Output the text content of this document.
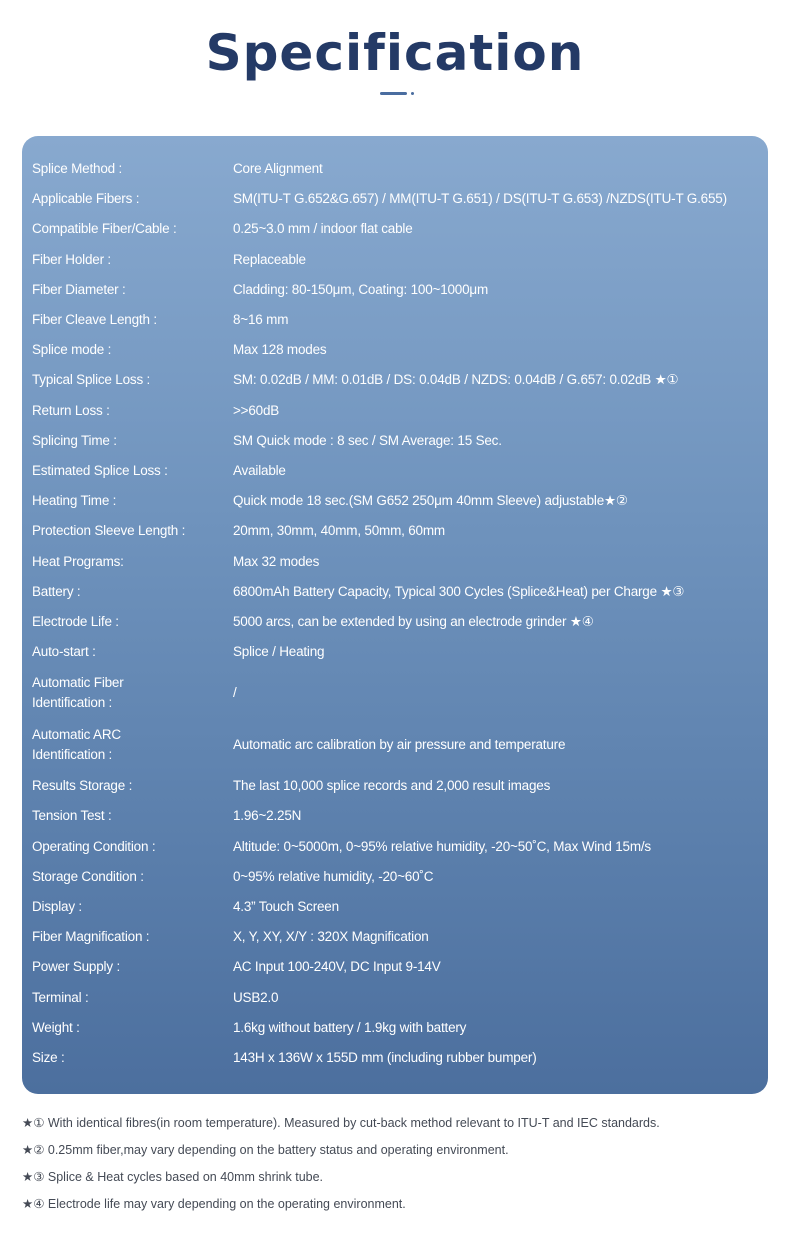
Specification
Splice Method :	Core Alignment
Applicable Fibers :	SM(ITU-T G.652&G.657) / MM(ITU-T G.651) / DS(ITU-T G.653) /NZDS(ITU-T G.655)
Compatible Fiber/Cable :	0.25~3.0 mm / indoor flat cable
Fiber Holder :	Replaceable
Fiber Diameter :	Cladding: 80-150μm, Coating: 100~1000μm
Fiber Cleave Length :	8~16 mm
Splice mode :	Max 128 modes
Typical Splice Loss :	SM: 0.02dB / MM: 0.01dB / DS: 0.04dB / NZDS: 0.04dB / G.657: 0.02dB ★①
Return Loss :	>>60dB
Splicing Time :	SM Quick mode : 8 sec / SM Average: 15 Sec.
Estimated Splice Loss :	Available
Heating Time :	Quick mode 18 sec.(SM G652 250μm 40mm Sleeve) adjustable★②
Protection Sleeve Length :	20mm, 30mm, 40mm, 50mm, 60mm
Heat Programs:	Max 32 modes
Battery :	6800mAh Battery Capacity, Typical 300 Cycles (Splice&Heat) per Charge ★③
Electrode Life :	5000 arcs, can be extended by using an electrode grinder ★④
Auto-start :	Splice / Heating
Automatic Fiber
Identification :
/
Automatic ARC
Identification :
Automatic arc calibration by air pressure and temperature
Results Storage :	The last 10,000 splice records and 2,000 result images
Tension Test :	1.96~2.25N
Operating Condition :	Altitude: 0~5000m, 0~95% relative humidity, -20~50˚C, Max Wind 15m/s
Storage Condition :	0~95% relative humidity, -20~60˚C
Display :	4.3” Touch Screen
Fiber Magnification :	X, Y, XY, X/Y : 320X Magnification
Power Supply :	AC Input 100-240V, DC Input 9-14V
Terminal :	USB2.0
Weight :	1.6kg without battery / 1.9kg with battery
Size :	143H x 136W x 155D mm (including rubber bumper)
★① With identical fibres(in room temperature). Measured by cut-back method relevant to ITU-T and IEC standards.
★② 0.25mm fiber,may vary depending on the battery status and operating environment.
★③ Splice & Heat cycles based on 40mm shrink tube.
★④ Electrode life may vary depending on the operating environment.
